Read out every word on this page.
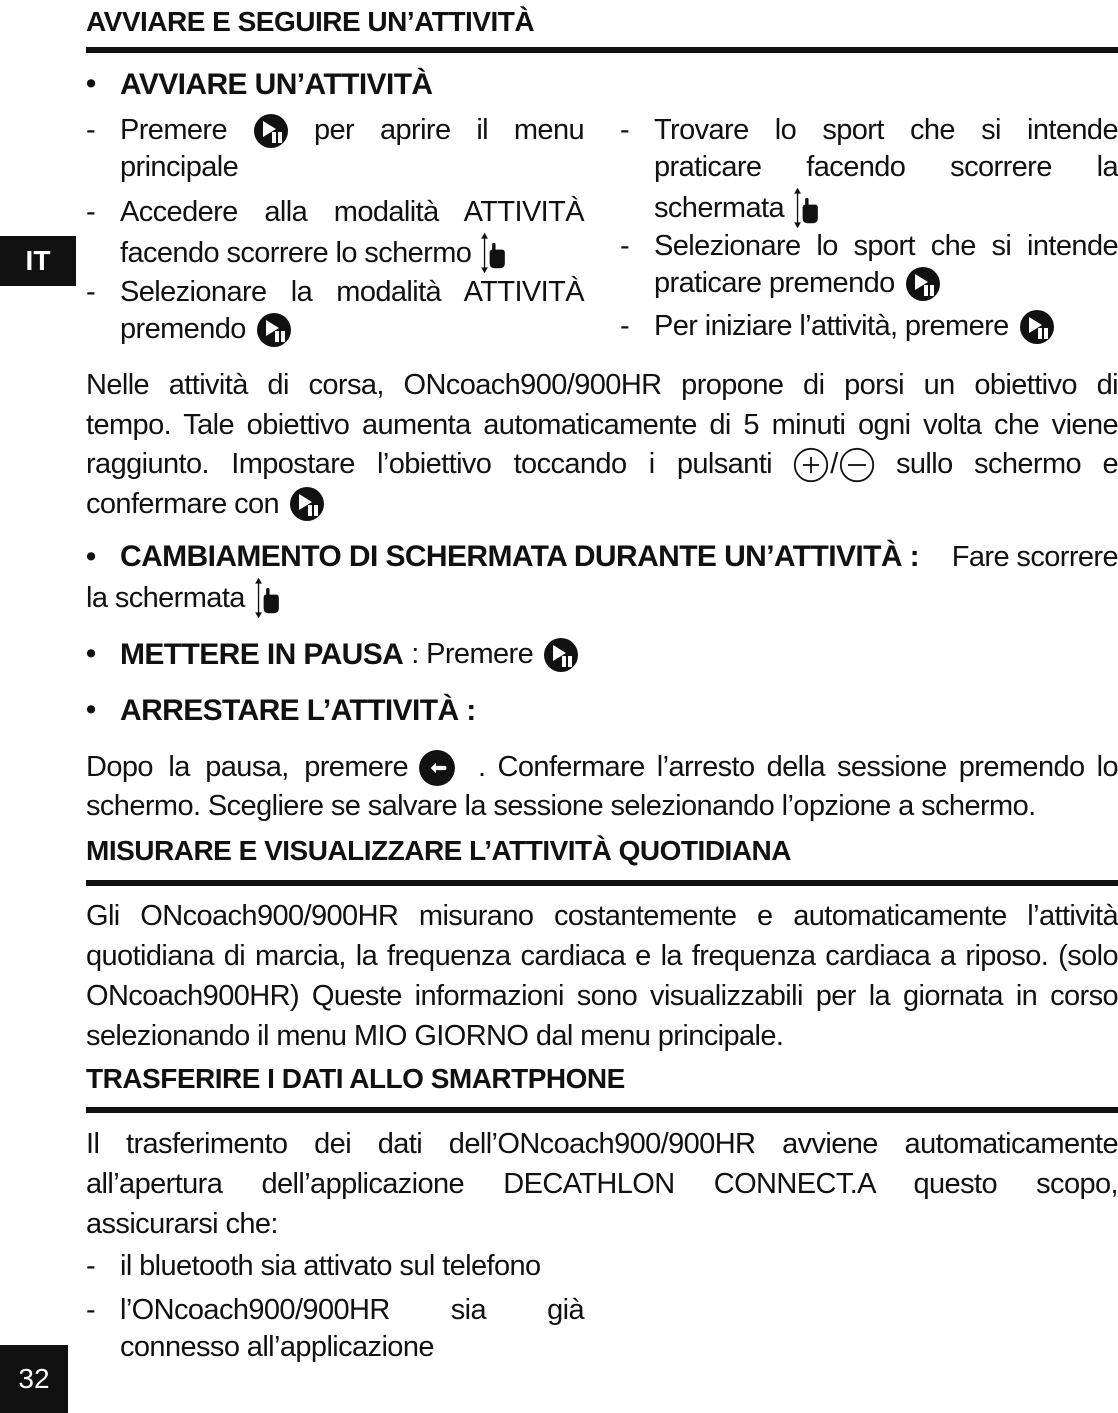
IT
32
AVVIARE E SEGUIRE UN’ATTIVITÀ
• AVVIARE UN’ATTIVITÀ
- Premere	per aprire il menu
principale
- Accedere alla modalità ATTIVITÀ
facendo scorrere lo schermo
- Selezionare la modalità ATTIVITÀ
premendo
- Trovare lo sport che si intende
praticare facendo scorrere la
schermata
- Selezionare lo sport che si intende
praticare premendo
- Per iniziare l’attività, premere
Nelle attività di corsa, ONcoach900/900HR propone di porsi un obiettivo di
tempo. Tale obiettivo aumenta automaticamente di 5 minuti ogni volta che viene
raggiunto. Impostare l’obiettivo toccando i pulsanti / sullo schermo e
confermare con
• CAMBIAMENTO DI SCHERMATA DURANTE UN’ATTIVITÀ : Fare scorrere
la schermata
• METTERE IN PAUSA : Premere
• ARRESTARE L’ATTIVITÀ :
Dopo la pausa, premere . Confermare l’arresto della sessione premendo lo
schermo. Scegliere se salvare la sessione selezionando l’opzione a schermo.
MISURARE E VISUALIZZARE L’ATTIVITÀ QUOTIDIANA
Gli ONcoach900/900HR misurano costantemente e automaticamente l’attività
quotidiana di marcia, la frequenza cardiaca e la frequenza cardiaca a riposo. (solo
ONcoach900HR) Queste informazioni sono visualizzabili per la giornata in corso
selezionando il menu MIO GIORNO dal menu principale.
TRASFERIRE I DATI ALLO SMARTPHONE
Il trasferimento dei dati dell’ONcoach900/900HR avviene automaticamente
all’apertura dell’applicazione DECATHLON CONNECT.A questo scopo,
assicurarsi che:
- il bluetooth sia attivato sul telefono
- l’ONcoach900/900HR sia già
connesso all’applicazione
